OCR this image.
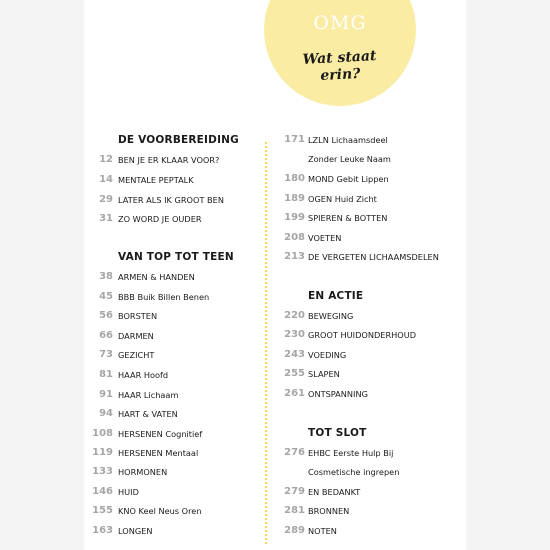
OMG
Wat staat
erin?
DE VOORBEREIDING
12 BEN JE ER KLAAR VOOR?
14 MENTALE PEPTALK
29 LATER ALS IK GROOT BEN
31 ZO WORD JE OUDER
VAN TOP TOT TEEN
38 ARMEN & HANDEN
45 BBB Buik Billen Benen
56 BORSTEN
66 DARMEN
73 GEZICHT
81 HAAR Hoofd
91 HAAR Lichaam
94 HART & VATEN
108 HERSENEN Cognitief
119 HERSENEN Mentaal
133 HORMONEN
146 HUID
155 KNO Keel Neus Oren
163 LONGEN
171 LZLN Lichaamsdeel
Zonder Leuke Naam
180 MOND Gebit Lippen
189 OGEN Huid Zicht
199 SPIEREN & BOTTEN
208 VOETEN
213 DE VERGETEN LICHAAMSDELEN
EN ACTIE
220 BEWEGING
230 GROOT HUIDONDERHOUD
243 VOEDING
255 SLAPEN
261 ONTSPANNING
TOT SLOT
276 EHBC Eerste Hulp Bij
Cosmetische ingrepen
279 EN BEDANKT
281 BRONNEN
289 NOTEN
